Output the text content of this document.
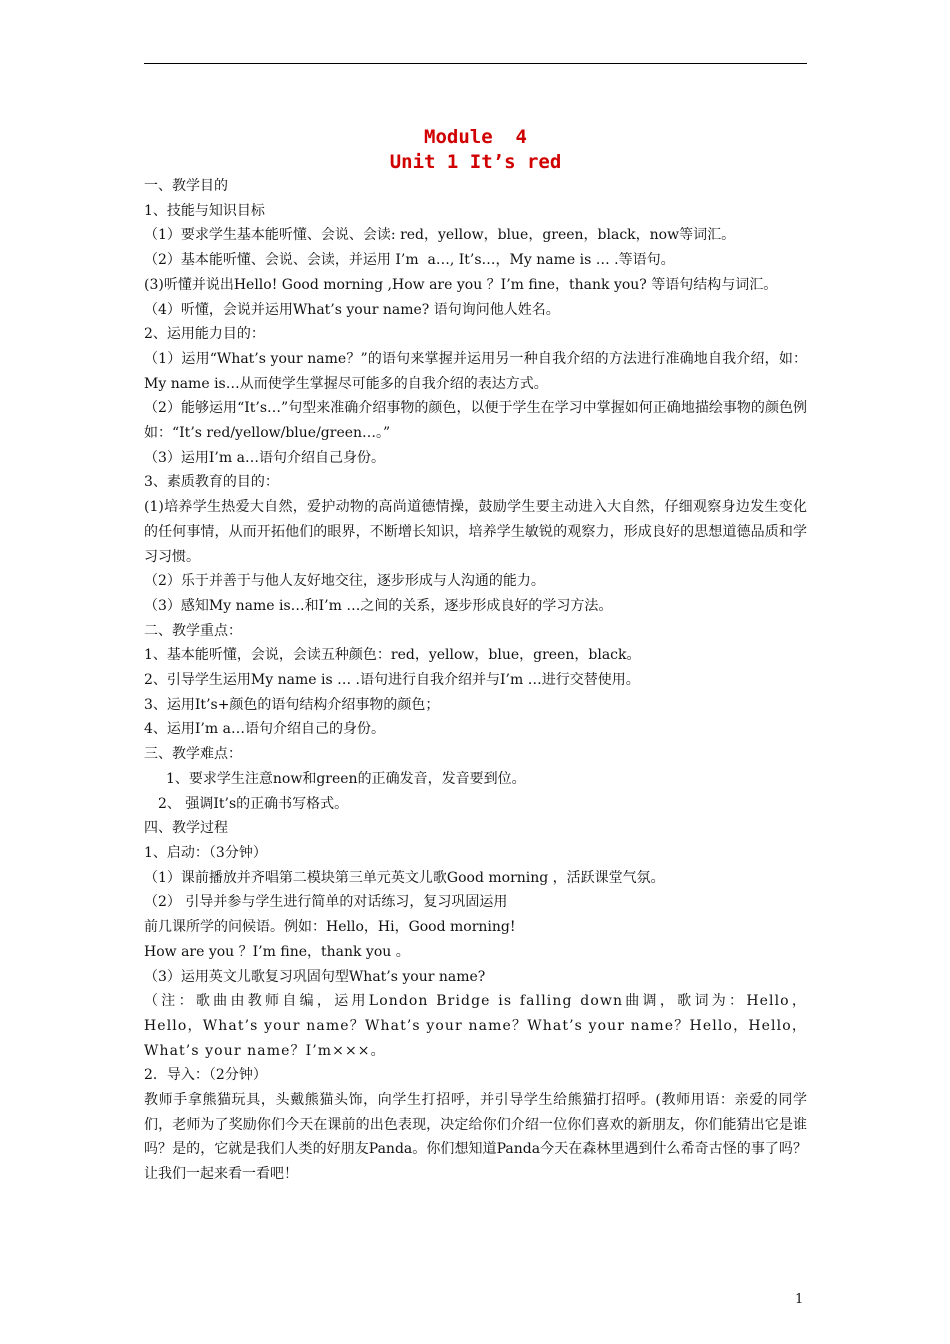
Module  4
Unit 1 It’s red

一、教学目的

1、技能与知识目标

（1）要求学生基本能听懂、会说、会读: red，yellow，blue，green，black，now等词汇。

（2）基本能听懂、会说、会读，并运用 I’m  a…, It’s…，My name is … .等语句。

(3)听懂并说出Hello! Good morning ,How are you ？I’m fine，thank you? 等语句结构与词汇。

（4）听懂，会说并运用What’s your name? 语句询问他人姓名。

2、运用能力目的：

（1）运用“What’s your name？”的语句来掌握并运用另一种自我介绍的方法进行准确地自我介绍，如：My name is…从而使学生掌握尽可能多的自我介绍的表达方式。

（2）能够运用“It’s…”句型来准确介绍事物的颜色，以便于学生在学习中掌握如何正确地描绘事物的颜色例如：“It’s red/yellow/blue/green…。”

（3）运用I’m a…语句介绍自己身份。

3、素质教育的目的：

(1)培养学生热爱大自然，爱护动物的高尚道德情操，鼓励学生要主动进入大自然，仔细观察身边发生变化的任何事情，从而开拓他们的眼界，不断增长知识，培养学生敏锐的观察力，形成良好的思想道德品质和学习习惯。

（2）乐于并善于与他人友好地交往，逐步形成与人沟通的能力。

（3）感知My name is…和I’m …之间的关系，逐步形成良好的学习方法。

二、教学重点：

1、基本能听懂，会说，会读五种颜色：red，yellow，blue，green，black。

2、引导学生运用My name is … .语句进行自我介绍并与I’m …进行交替使用。

3、运用It’s+颜色的语句结构介绍事物的颜色；

4、运用I’m a…语句介绍自己的身份。

三、教学难点：

1、要求学生注意now和green的正确发音，发音要到位。

2、 强调It’s的正确书写格式。

四、教学过程

1、启动：（3分钟）

（1）课前播放并齐唱第二模块第三单元英文儿歌Good morning ，活跃课堂气氛。

（2） 引导并参与学生进行简单的对话练习，复习巩固运用

前几课所学的问候语。例如：Hello，Hi，Good morning!

How are you ？I’m fine，thank you 。

（3）运用英文儿歌复习巩固句型What’s your name?

（注：歌曲由教师自编，运用London Bridge is falling down曲调，歌词为：Hello，Hello，What’s your name？What’s your name？What’s your name？Hello，Hello，What’s your name？I’m×××。

2．导入：（2分钟）

教师手拿熊猫玩具，头戴熊猫头饰，向学生打招呼，并引导学生给熊猫打招呼。(教师用语：亲爱的同学们，老师为了奖励你们今天在课前的出色表现，决定给你们介绍一位你们喜欢的新朋友，你们能猜出它是谁吗？是的，它就是我们人类的好朋友Panda。你们想知道Panda今天在森林里遇到什么希奇古怪的事了吗？让我们一起来看一看吧！

1
